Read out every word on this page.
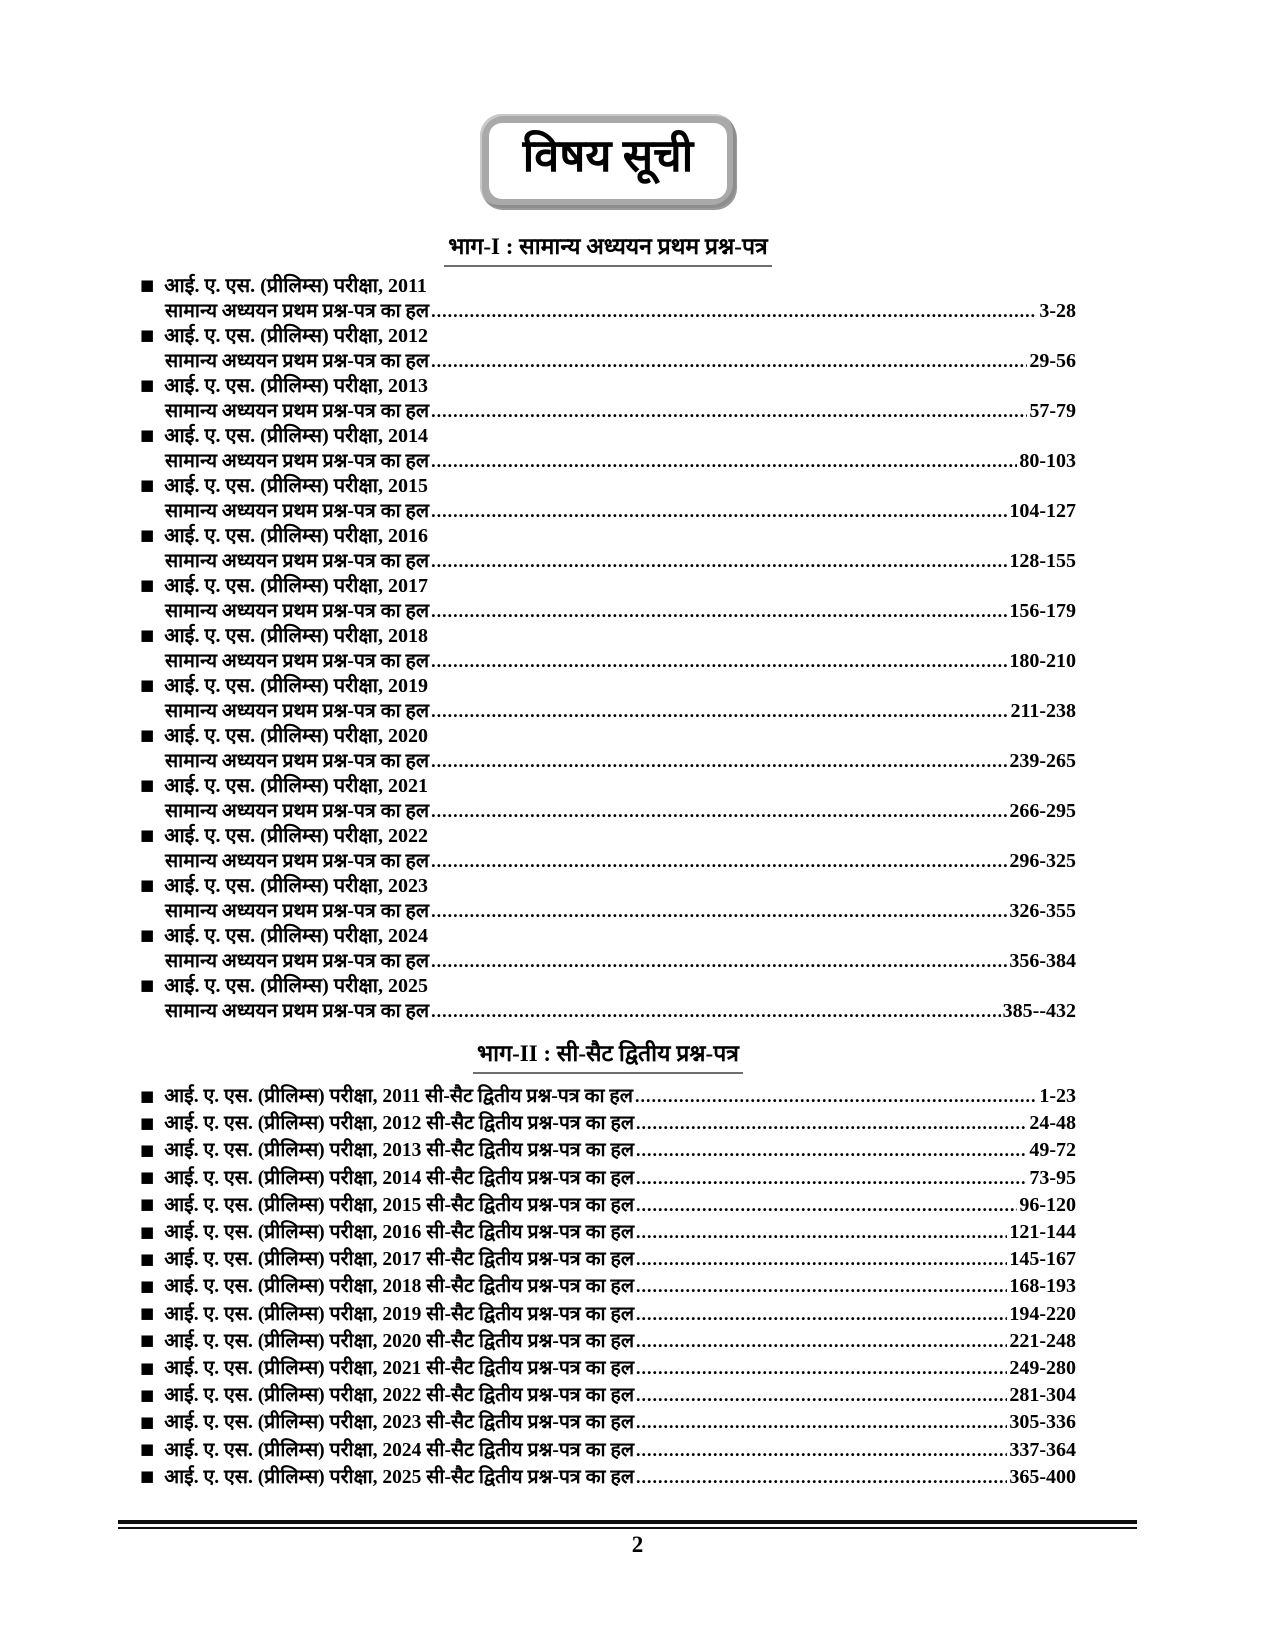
विषय सूची
भाग-I : सामान्य अध्ययन प्रथम प्रश्न-पत्र
■ आई. ए. एस. (प्रीलिम्स) परीक्षा, 2011
सामान्य अध्ययन प्रथम प्रश्न-पत्र का हल .....	3-28
■ आई. ए. एस. (प्रीलिम्स) परीक्षा, 2012
सामान्य अध्ययन प्रथम प्रश्न-पत्र का हल .....	29-56
■ आई. ए. एस. (प्रीलिम्स) परीक्षा, 2013
सामान्य अध्ययन प्रथम प्रश्न-पत्र का हल .....	57-79
■ आई. ए. एस. (प्रीलिम्स) परीक्षा, 2014
सामान्य अध्ययन प्रथम प्रश्न-पत्र का हल .....	80-103
■ आई. ए. एस. (प्रीलिम्स) परीक्षा, 2015
सामान्य अध्ययन प्रथम प्रश्न-पत्र का हल .....	104-127
■ आई. ए. एस. (प्रीलिम्स) परीक्षा, 2016
सामान्य अध्ययन प्रथम प्रश्न-पत्र का हल .....	128-155
■ आई. ए. एस. (प्रीलिम्स) परीक्षा, 2017
सामान्य अध्ययन प्रथम प्रश्न-पत्र का हल .....	156-179
■ आई. ए. एस. (प्रीलिम्स) परीक्षा, 2018
सामान्य अध्ययन प्रथम प्रश्न-पत्र का हल .....	180-210
■ आई. ए. एस. (प्रीलिम्स) परीक्षा, 2019
सामान्य अध्ययन प्रथम प्रश्न-पत्र का हल .....	211-238
■ आई. ए. एस. (प्रीलिम्स) परीक्षा, 2020
सामान्य अध्ययन प्रथम प्रश्न-पत्र का हल .....	239-265
■ आई. ए. एस. (प्रीलिम्स) परीक्षा, 2021
सामान्य अध्ययन प्रथम प्रश्न-पत्र का हल .....	266-295
■ आई. ए. एस. (प्रीलिम्स) परीक्षा, 2022
सामान्य अध्ययन प्रथम प्रश्न-पत्र का हल .....	296-325
■ आई. ए. एस. (प्रीलिम्स) परीक्षा, 2023
सामान्य अध्ययन प्रथम प्रश्न-पत्र का हल .....	326-355
■ आई. ए. एस. (प्रीलिम्स) परीक्षा, 2024
सामान्य अध्ययन प्रथम प्रश्न-पत्र का हल .....	356-384
■ आई. ए. एस. (प्रीलिम्स) परीक्षा, 2025
सामान्य अध्ययन प्रथम प्रश्न-पत्र का हल .....	385--432
भाग-II : सी-सैट द्वितीय प्रश्न-पत्र
■ आई. ए. एस. (प्रीलिम्स) परीक्षा, 2011 सी-सैट द्वितीय प्रश्न-पत्र का हल .....	1-23
■ आई. ए. एस. (प्रीलिम्स) परीक्षा, 2012 सी-सैट द्वितीय प्रश्न-पत्र का हल .....	24-48
■ आई. ए. एस. (प्रीलिम्स) परीक्षा, 2013 सी-सैट द्वितीय प्रश्न-पत्र का हल .....	49-72
■ आई. ए. एस. (प्रीलिम्स) परीक्षा, 2014 सी-सैट द्वितीय प्रश्न-पत्र का हल .....	73-95
■ आई. ए. एस. (प्रीलिम्स) परीक्षा, 2015 सी-सैट द्वितीय प्रश्न-पत्र का हल .....	96-120
■ आई. ए. एस. (प्रीलिम्स) परीक्षा, 2016 सी-सैट द्वितीय प्रश्न-पत्र का हल .....	121-144
■ आई. ए. एस. (प्रीलिम्स) परीक्षा, 2017 सी-सैट द्वितीय प्रश्न-पत्र का हल .....	145-167
■ आई. ए. एस. (प्रीलिम्स) परीक्षा, 2018 सी-सैट द्वितीय प्रश्न-पत्र का हल .....	168-193
■ आई. ए. एस. (प्रीलिम्स) परीक्षा, 2019 सी-सैट द्वितीय प्रश्न-पत्र का हल .....	194-220
■ आई. ए. एस. (प्रीलिम्स) परीक्षा, 2020 सी-सैट द्वितीय प्रश्न-पत्र का हल .....	221-248
■ आई. ए. एस. (प्रीलिम्स) परीक्षा, 2021 सी-सैट द्वितीय प्रश्न-पत्र का हल .....	249-280
■ आई. ए. एस. (प्रीलिम्स) परीक्षा, 2022 सी-सैट द्वितीय प्रश्न-पत्र का हल .....	281-304
■ आई. ए. एस. (प्रीलिम्स) परीक्षा, 2023 सी-सैट द्वितीय प्रश्न-पत्र का हल .....	305-336
■ आई. ए. एस. (प्रीलिम्स) परीक्षा, 2024 सी-सैट द्वितीय प्रश्न-पत्र का हल .....	337-364
■ आई. ए. एस. (प्रीलिम्स) परीक्षा, 2025 सी-सैट द्वितीय प्रश्न-पत्र का हल .....	365-400
2
